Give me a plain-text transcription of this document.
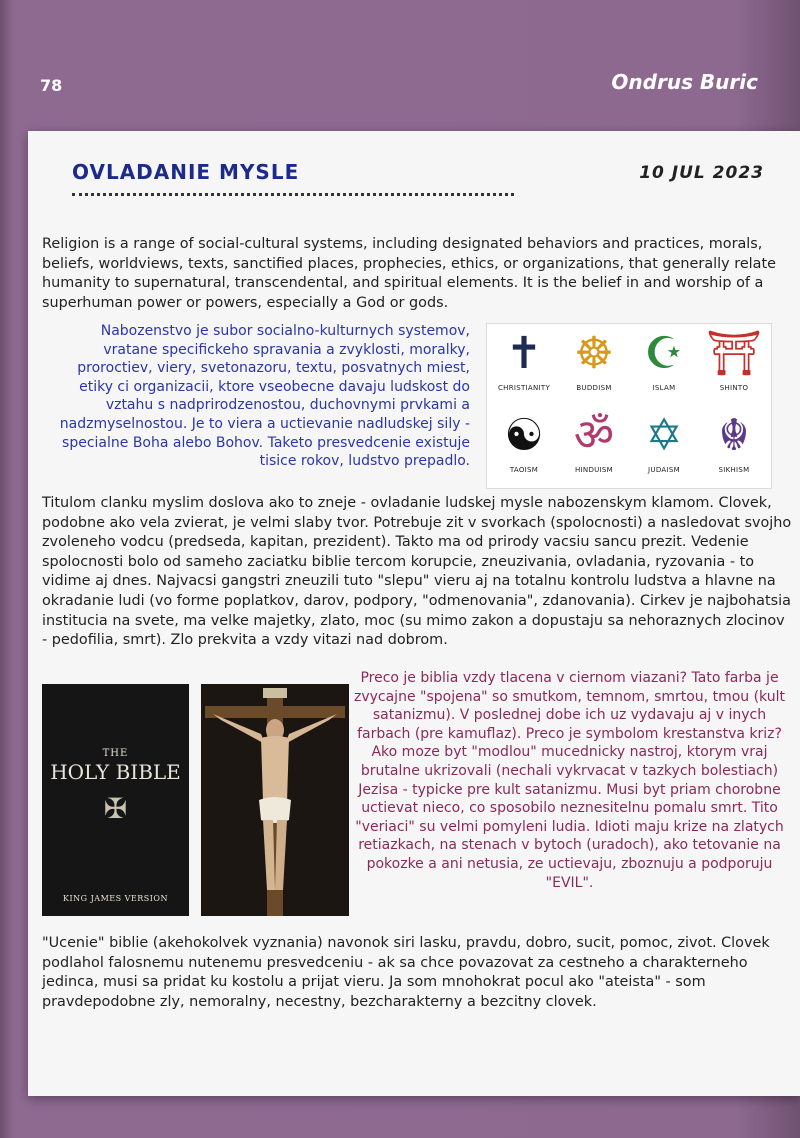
78	Ondrus Buric
OVLADANIE MYSLE	10 JUL 2023
Religion is a range of social-cultural systems, including designated behaviors and practices, morals, beliefs, worldviews, texts, sanctified places, prophecies, ethics, or organizations, that generally relate humanity to supernatural, transcendental, and spiritual elements. It is the belief in and worship of a superhuman power or powers, especially a God or gods.
Nabozenstvo je subor socialno-kulturnych systemov, vratane specifickeho spravania a zvyklosti, moralky, proroctiev, viery, svetonazoru, textu, posvatnych miest, etiky ci organizacii, ktore vseobecne davaju ludskost do vztahu s nadprirodzenostou, duchovnymi prvkami a nadzmyselnostou. Je to viera a uctievanie nadludskej sily - specialne Boha alebo Bohov. Taketo presvedcenie existuje tisice rokov, ludstvo prepadlo.
✝
CHRISTIANITY
☸
BUDDISM
☪
ISLAM
⛩
SHINTO
☯
TAOISM
ॐ
HINDUISM
✡
JUDAISM
☬
SIKHISM
Titulom clanku myslim doslova ako to zneje - ovladanie ludskej mysle nabozenskym klamom. Clovek, podobne ako vela zvierat, je velmi slaby tvor. Potrebuje zit v svorkach (spolocnosti) a nasledovat svojho zvoleneho vodcu (predseda, kapitan, prezident). Takto ma od prirody vacsiu sancu prezit. Vedenie spolocnosti bolo od sameho zaciatku biblie tercom korupcie, zneuzivania, ovladania, ryzovania - to vidime aj dnes. Najvacsi gangstri zneuzili tuto "slepu" vieru aj na totalnu kontrolu ludstva a hlavne na okradanie ludi (vo forme poplatkov, darov, podpory, "odmenovania", zdanovania). Cirkev je najbohatsia institucia na svete, ma velke majetky, zlato, moc (su mimo zakon a dopustaju sa nehoraznych zlocinov - pedofilia, smrt). Zlo prekvita a vzdy vitazi nad dobrom.
THE
HOLY BIBLE
✠
KING JAMES VERSION
Preco je biblia vzdy tlacena v ciernom viazani? Tato farba je zvycajne "spojena" so smutkom, temnom, smrtou, tmou (kult satanizmu). V poslednej dobe ich uz vydavaju aj v inych farbach (pre kamuflaz). Preco je symbolom krestanstva kriz? Ako moze byt "modlou" mucednicky nastroj, ktorym vraj brutalne ukrizovali (nechali vykrvacat v tazkych bolestiach) Jezisa - typicke pre kult satanizmu. Musi byt priam chorobne uctievat nieco, co sposobilo neznesitelnu pomalu smrt. Tito "veriaci" su velmi pomyleni ludia. Idioti maju krize na zlatych retiazkach, na stenach v bytoch (uradoch), ako tetovanie na pokozke a ani netusia, ze uctievaju, zboznuju a podporuju "EVIL".
"Ucenie" biblie (akehokolvek vyznania) navonok siri lasku, pravdu, dobro, sucit, pomoc, zivot. Clovek podlahol falosnemu nutenemu presvedceniu - ak sa chce povazovat za cestneho a charakterneho jedinca, musi sa pridat ku kostolu a prijat vieru. Ja som mnohokrat pocul ako "ateista" - som pravdepodobne zly, nemoralny, necestny, bezcharakterny a bezcitny clovek.
